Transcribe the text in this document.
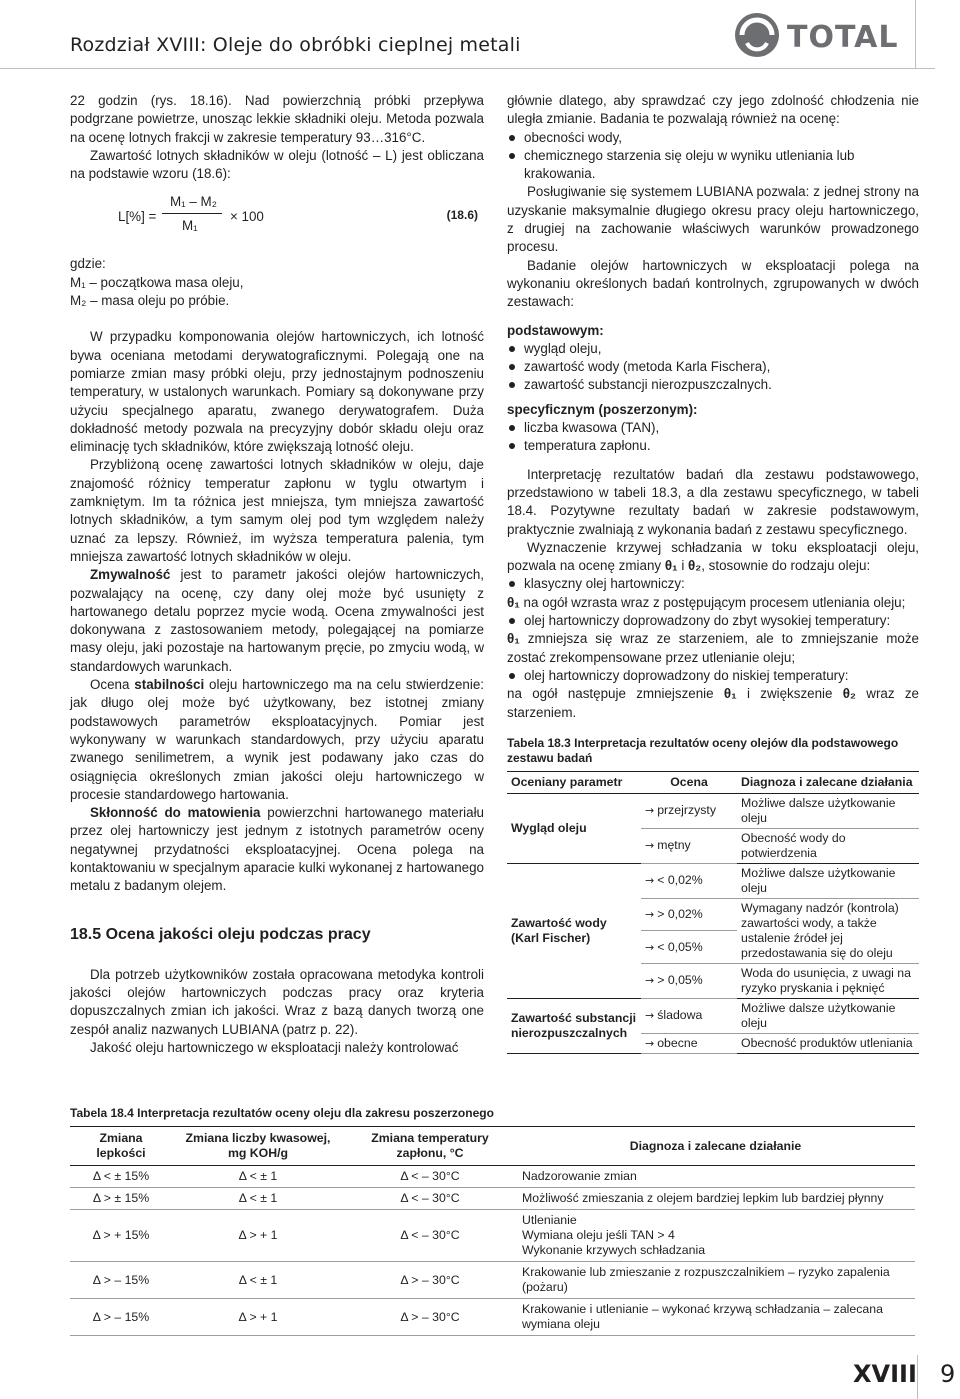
Rozdział XVIII: Oleje do obróbki cieplnej metali	TOTAL

22 godzin (rys. 18.16). Nad powierzchnią próbki przepływa podgrzane powietrze, unosząc lekkie składniki oleju. Metoda pozwala na ocenę lotnych frakcji w zakresie temperatury 93…316°C.

Zawartość lotnych składników w oleju (lotność – L) jest obliczana na podstawie wzoru (18.6):

L[%] =
M₁ – M₂
M₁
× 100	(18.6)

gdzie:

M₁ – początkowa masa oleju,

M₂ – masa oleju po próbie.

W przypadku komponowania olejów hartowniczych, ich lotność bywa oceniana metodami derywatograficznymi. Polegają one na pomiarze zmian masy próbki oleju, przy jednostajnym podnoszeniu temperatury, w ustalonych warunkach. Pomiary są dokonywane przy użyciu specjalnego aparatu, zwanego derywatografem. Duża dokładność metody pozwala na precyzyjny dobór składu oleju oraz eliminację tych składników, które zwiększają lotność oleju.

Przybliżoną ocenę zawartości lotnych składników w oleju, daje znajomość różnicy temperatur zapłonu w tyglu otwartym i zamkniętym. Im ta różnica jest mniejsza, tym mniejsza zawartość lotnych składników, a tym samym olej pod tym względem należy uznać za lepszy. Również, im wyższa temperatura palenia, tym mniejsza zawartość lotnych składników w oleju.

Zmywalność jest to parametr jakości olejów hartowniczych, pozwalający na ocenę, czy dany olej może być usunięty z hartowanego detalu poprzez mycie wodą. Ocena zmywalności jest dokonywana z zastosowaniem metody, polegającej na pomiarze masy oleju, jaki pozostaje na hartowanym pręcie, po zmyciu wodą, w standardowych warunkach.

Ocena stabilności oleju hartowniczego ma na celu stwierdzenie: jak długo olej może być użytkowany, bez istotnej zmiany podstawowych parametrów eksploatacyjnych. Pomiar jest wykonywany w warunkach standardowych, przy użyciu aparatu zwanego senilimetrem, a wynik jest podawany jako czas do osiągnięcia określonych zmian jakości oleju hartowniczego w procesie standardowego hartowania.

Skłonność do matowienia powierzchni hartowanego materiału przez olej hartowniczy jest jednym z istotnych parametrów oceny negatywnej przydatności eksploatacyjnej. Ocena polega na kontaktowaniu w specjalnym aparacie kulki wykonanej z hartowanego metalu z badanym olejem.

18.5 Ocena jakości oleju podczas pracy

Dla potrzeb użytkowników została opracowana metodyka kontroli jakości olejów hartowniczych podczas pracy oraz kryteria dopuszczalnych zmian ich jakości. Wraz z bazą danych tworzą one zespół analiz nazwanych LUBIANA (patrz p. 22).

Jakość oleju hartowniczego w eksploatacji należy kontrolować

głównie dlatego, aby sprawdzać czy jego zdolność chłodzenia nie uległa zmianie. Badania te pozwalają również na ocenę:

obecności wody,
chemicznego starzenia się oleju w wyniku utleniania lub krakowania.

Posługiwanie się systemem LUBIANA pozwala: z jednej strony na uzyskanie maksymalnie długiego okresu pracy oleju hartowniczego, z drugiej na zachowanie właściwych warunków prowadzonego procesu.

Badanie olejów hartowniczych w eksploatacji polega na wykonaniu określonych badań kontrolnych, zgrupowanych w dwóch zestawach:

podstawowym:

wygląd oleju,
zawartość wody (metoda Karla Fischera),
zawartość substancji nierozpuszczalnych.

specyficznym (poszerzonym):

liczba kwasowa (TAN),
temperatura zapłonu.

Interpretację rezultatów badań dla zestawu podstawowego, przedstawiono w tabeli 18.3, a dla zestawu specyficznego, w tabeli 18.4. Pozytywne rezultaty badań w zakresie podstawowym, praktycznie zwalniają z wykonania badań z zestawu specyficznego.

Wyznaczenie krzywej schładzania w toku eksploatacji oleju, pozwala na ocenę zmiany θ₁ i θ₂, stosownie do rodzaju oleju:

klasyczny olej hartowniczy:

θ₁ na ogół wzrasta wraz z postępującym procesem utleniania oleju;

olej hartowniczy doprowadzony do zbyt wysokiej temperatury:

θ₁ zmniejsza się wraz ze starzeniem, ale to zmniejszanie może zostać zrekompensowane przez utlenianie oleju;

olej hartowniczy doprowadzony do niskiej temperatury:

na ogół następuje zmniejszenie θ₁ i zwiększenie θ₂ wraz ze starzeniem.

Tabela 18.3 Interpretacja rezultatów oceny olejów dla podstawowego zestawu badań
Oceniany parametr	Ocena	Diagnoza i zalecane działania
Wygląd oleju	→ przejrzysty	Możliwe dalsze użytkowanie oleju
	→ mętny	Obecność wody do potwierdzenia
Zawartość wody (Karl Fischer)	→ < 0,02%	Możliwe dalsze użytkowanie oleju
	→ > 0,02%	Wymagany nadzór (kontrola) zawartości wody, a także ustalenie źródeł jej przedostawania się do oleju
	→ < 0,05%	
	→ > 0,05%	Woda do usunięcia, z uwagi na ryzyko pryskania i pęknięć
Zawartość substancji nierozpuszczalnych	→ śladowa	Możliwe dalsze użytkowanie oleju
	→ obecne	Obecność produktów utleniania
Tabela 18.4 Interpretacja rezultatów oceny oleju dla zakresu poszerzonego
Zmiana lepkości	Zmiana liczby kwasowej, mg KOH/g	Zmiana temperatury zapłonu, °C	Diagnoza i zalecane działanie
Δ < ± 15%	Δ < ± 1	Δ < – 30°C	Nadzorowanie zmian
Δ > ± 15%	Δ < ± 1	Δ < – 30°C	Możliwość zmieszania z olejem bardziej lepkim lub bardziej płynny
Δ > + 15%	Δ > + 1	Δ < – 30°C	Utlenianie
Wymiana oleju jeśli TAN > 4
Wykonanie krzywych schładzania
Δ > – 15%	Δ < ± 1	Δ > – 30°C	Krakowanie lub zmieszanie z rozpuszczalnikiem – ryzyko zapalenia (pożaru)
Δ > – 15%	Δ > + 1	Δ > – 30°C	Krakowanie i utlenianie – wykonać krzywą schładzania – zalecana wymiana oleju
XVIII 9
